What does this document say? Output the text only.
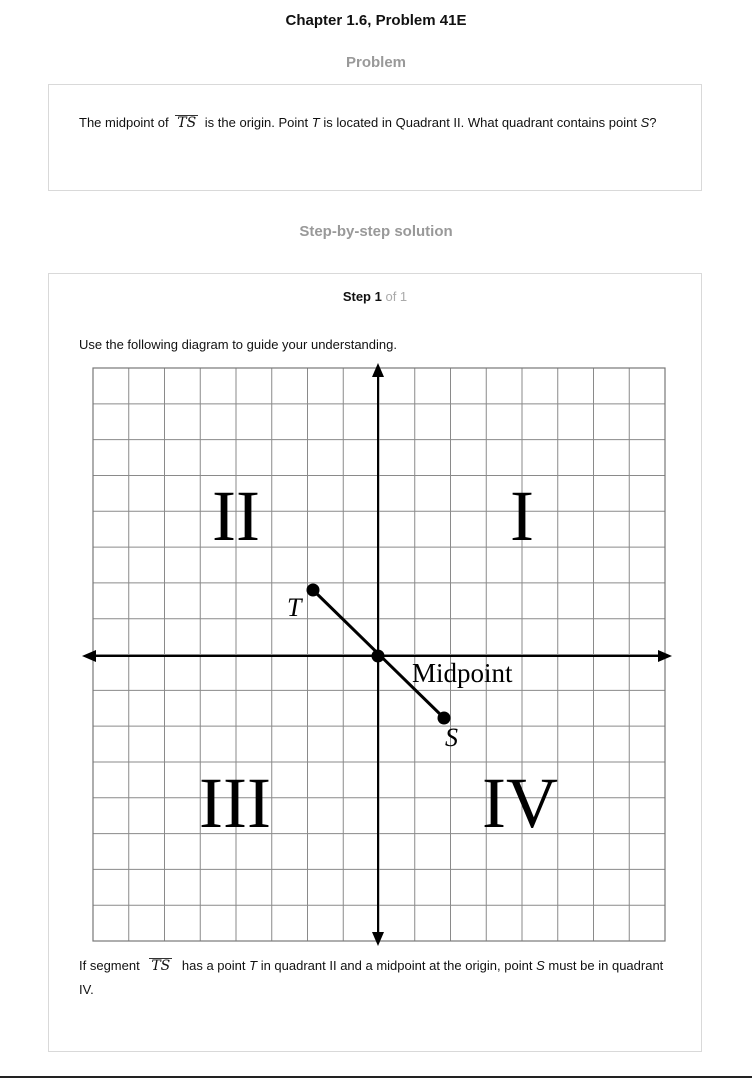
Chapter 1.6, Problem 41E
Problem
The midpoint of TS is the origin. Point T is located in Quadrant II. What quadrant contains point S?
Step-by-step solution
Step 1 of 1
Use the following diagram to guide your understanding.
I
II
III	IV
T
S
Midpoint
If segment TS has a point T in quadrant II and a midpoint at the origin, point S must be in quadrant IV.
